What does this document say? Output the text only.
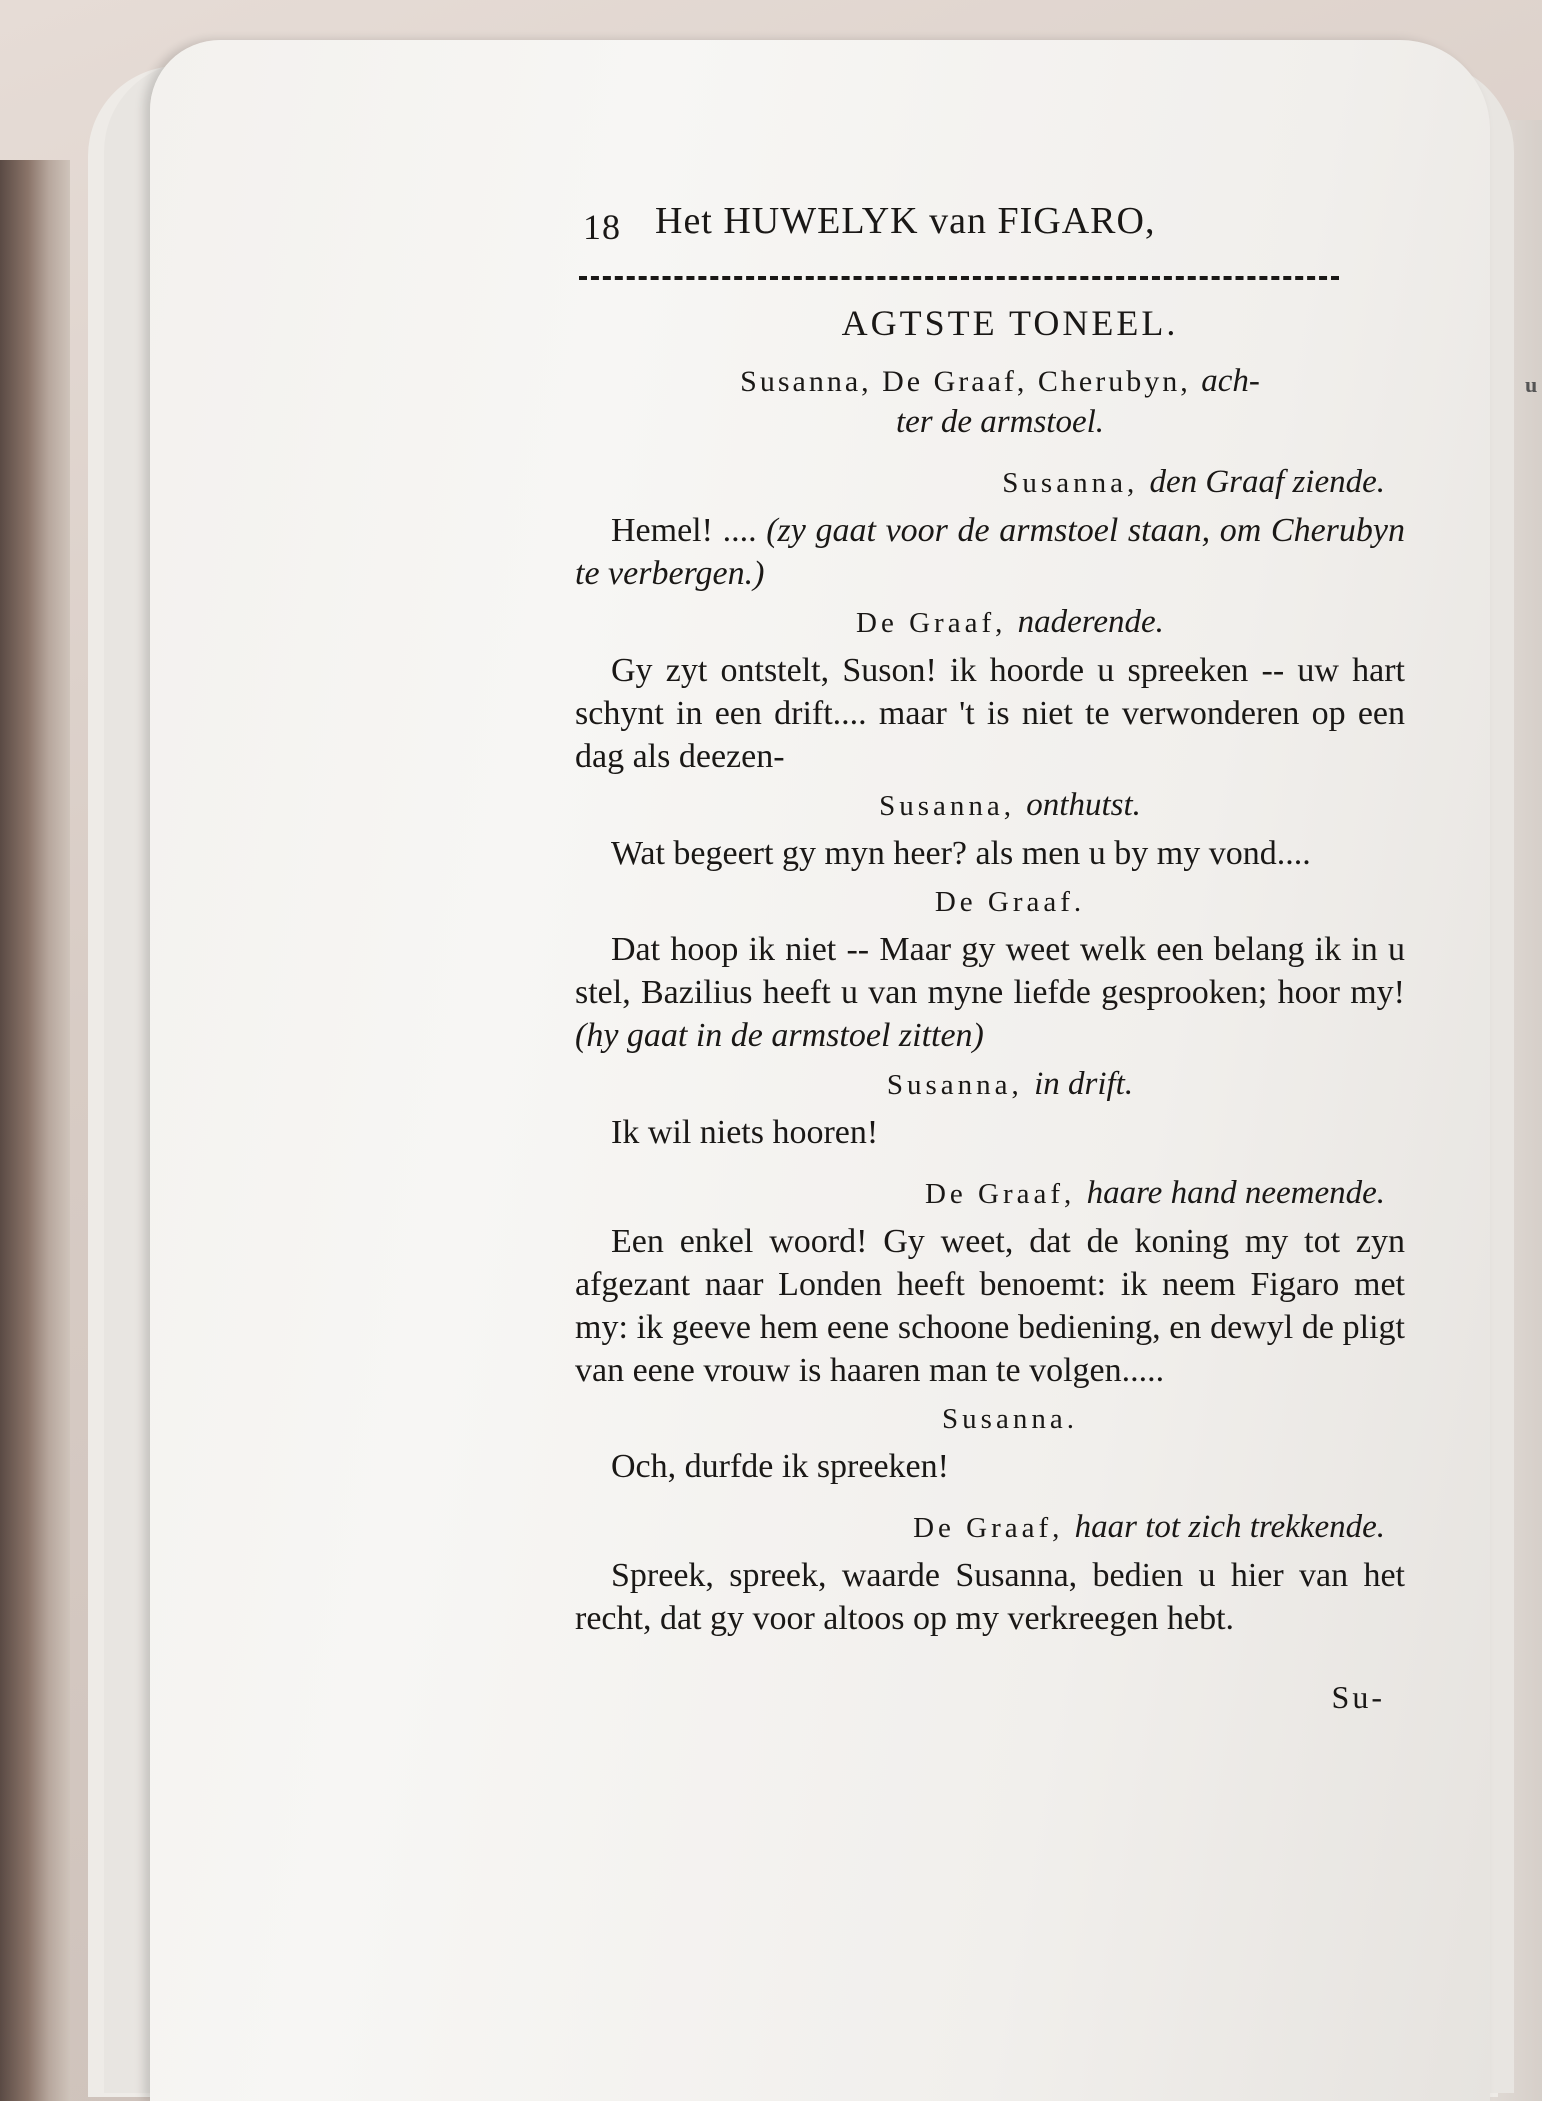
u
18 Het HUWELYK van FIGARO,
AGTSTE TONEEL.
Susanna, De Graaf, Cherubyn, ach-
ter de armstoel.
Susanna, den Graaf ziende.

Hemel! .... (zy gaat voor de armstoel staan, om Cherubyn te verbergen.)

De Graaf, naderende.

Gy zyt ontstelt, Suson! ik hoorde u spreeken -- uw hart schynt in een drift.... maar 't is niet te verwonderen op een dag als deezen-

Susanna, onthutst.

Wat begeert gy myn heer? als men u by my vond....

De Graaf.

Dat hoop ik niet -- Maar gy weet welk een belang ik in u stel, Bazilius heeft u van myne liefde gesprooken; hoor my! (hy gaat in de armstoel zitten)

Susanna, in drift.

Ik wil niets hooren!

De Graaf, haare hand neemende.

Een enkel woord! Gy weet, dat de koning my tot zyn afgezant naar Londen heeft benoemt: ik neem Figaro met my: ik geeve hem eene schoone bediening, en dewyl de pligt van eene vrouw is haaren man te volgen.....

Susanna.

Och, durfde ik spreeken!

De Graaf, haar tot zich trekkende.

Spreek, spreek, waarde Susanna, bedien u hier van het recht, dat gy voor altoos op my verkreegen hebt.

Su-
